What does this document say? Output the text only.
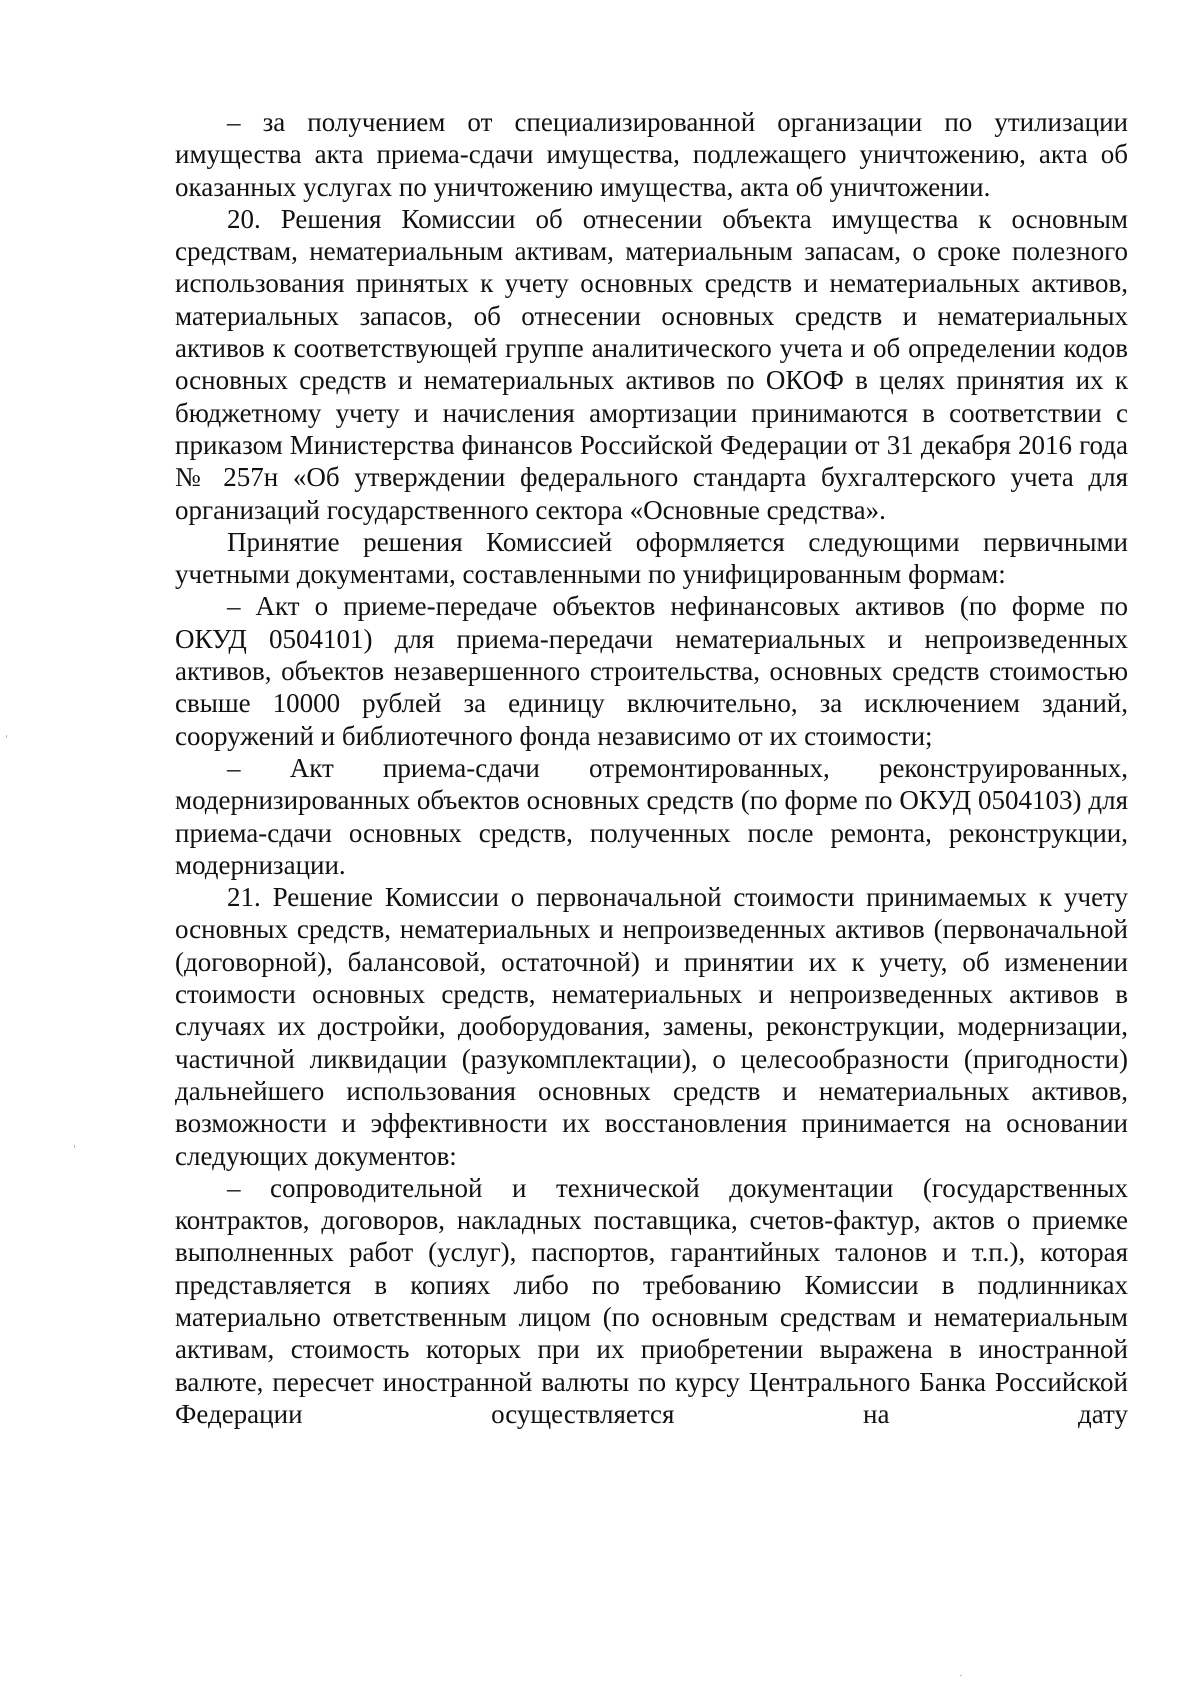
– за получением от специализированной организации по утилизации имущества акта приема-сдачи имущества, подлежащего уничтожению, акта об оказанных услугах по уничтожению имущества, акта об уничтожении.

20. Решения Комиссии об отнесении объекта имущества к основным средствам, нематериальным активам, материальным запасам, о сроке полезного использования принятых к учету основных средств и нематериальных активов, материальных запасов, об отнесении основных средств и нематериальных активов к соответствующей группе аналитического учета и об определении кодов основных средств и нематериальных активов по ОКОФ в целях принятия их к бюджетному учету и начисления амортизации принимаются в соответствии с приказом Министерства финансов Российской Федерации от 31 декабря 2016 года № 257н «Об утверждении федерального стандарта бухгалтерского учета для организаций государственного сектора «Основные средства».

Принятие решения Комиссией оформляется следующими первичными учетными документами, составленными по унифицированным формам:

– Акт о приеме-передаче объектов нефинансовых активов (по форме по ОКУД 0504101) для приема-передачи нематериальных и непроизведенных активов, объектов незавершенного строительства, основных средств стоимостью свыше 10000 рублей за единицу включительно, за исключением зданий, сооружений и библиотечного фонда независимо от их стоимости;

– Акт приема-сдачи отремонтированных, реконструированных, модернизированных объектов основных средств (по форме по ОКУД 0504103) для приема-сдачи основных средств, полученных после ремонта, реконструкции, модернизации.

21. Решение Комиссии о первоначальной стоимости принимаемых к учету основных средств, нематериальных и непроизведенных активов (первоначальной (договорной), балансовой, остаточной) и принятии их к учету, об изменении стоимости основных средств, нематериальных и непроизведенных активов в случаях их достройки, дооборудования, замены, реконструкции, модернизации, частичной ликвидации (разукомплектации), о целесообразности (пригодности) дальнейшего использования основных средств и нематериальных активов, возможности и эффективности их восстановления принимается на основании следующих документов:

– сопроводительной и технической документации (государственных контрактов, договоров, накладных поставщика, счетов-фактур, актов о приемке выполненных работ (услуг), паспортов, гарантийных талонов и т.п.), которая представляется в копиях либо по требованию Комиссии в подлинниках материально ответственным лицом (по основным средствам и нематериальным активам, стоимость которых при их приобретении выражена в иностранной валюте, пересчет иностранной валюты по курсу Центрального Банка Российской Федерации осуществляется на дату
